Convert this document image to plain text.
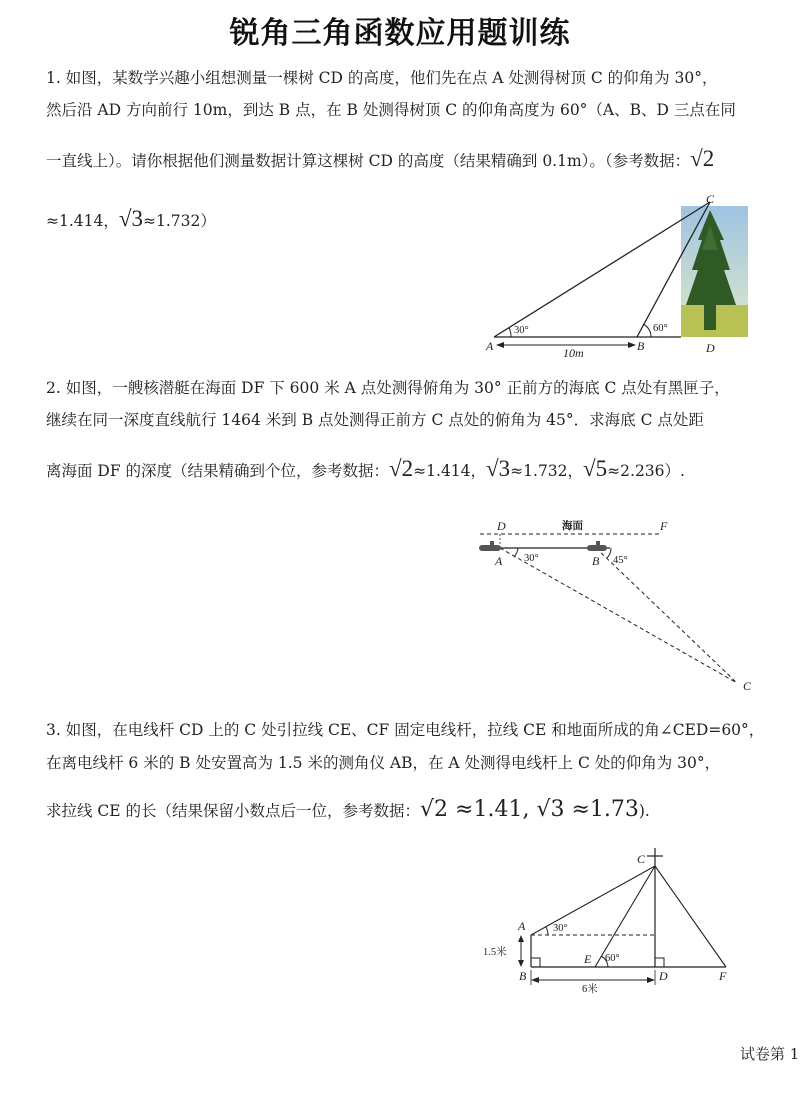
锐角三角函数应用题训练
1. 如图，某数学兴趣小组想测量一棵树 CD 的高度，他们先在点 A 处测得树顶 C 的仰角为 30°，
然后沿 AD 方向前行 10m，到达 B 点，在 B 处测得树顶 C 的仰角高度为 60°（A、B、D 三点在同
一直线上）。请你根据他们测量数据计算这棵树 CD 的高度（结果精确到 0.1m）。（参考数据：√2
≈1.414，√3≈1.732）
C
A	B	D
30°	60°
10m
2. 如图，一艘核潜艇在海面 DF 下 600 米 A 点处测得俯角为 30° 正前方的海底 C 点处有黑匣子，
继续在同一深度直线航行 1464 米到 B 点处测得正前方 C 点处的俯角为 45°．求海底 C 点处距
离海面 DF 的深度（结果精确到个位，参考数据：√2≈1.414，√3≈1.732，√5≈2.236）.
D	海面	F
A 30°	B 45°
C
3. 如图，在电线杆 CD 上的 C 处引拉线 CE、CF 固定电线杆，拉线 CE 和地面所成的角∠CED=60°，
在离电线杆 6 米的 B 处安置高为 1.5 米的测角仪 AB，在 A 处测得电线杆上 C 处的仰角为 30°，
求拉线 CE 的长（结果保留小数点后一位，参考数据：√2 ≈1.41, √3 ≈1.73).
C
A	30°
1.5米
B
E 60°
D	F
6米
试卷第 1
